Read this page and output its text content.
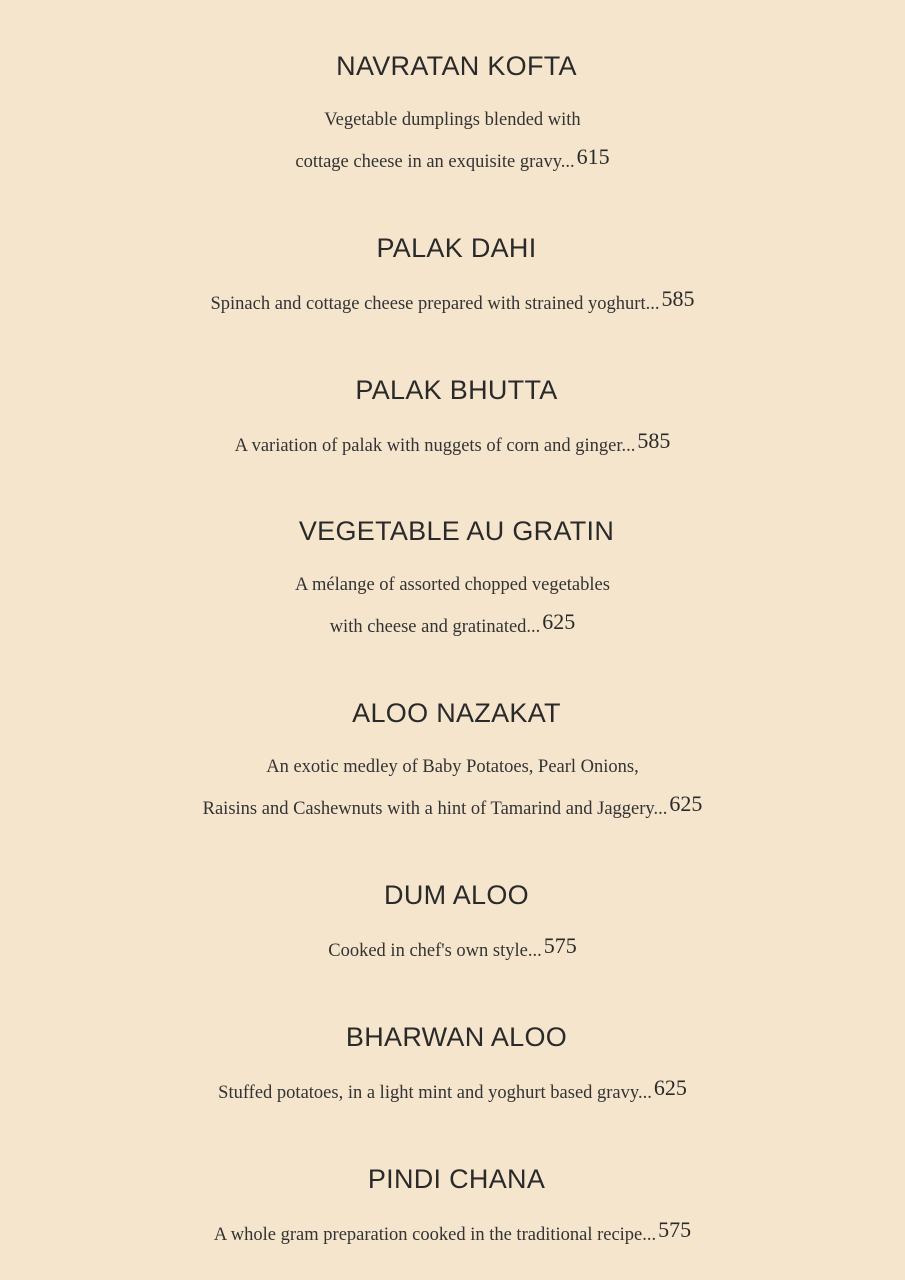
NAVRATAN KOFTA
Vegetable dumplings blended with
cottage cheese in an exquisite gravy...615
PALAK DAHI
Spinach and cottage cheese prepared with strained yoghurt...585
PALAK BHUTTA
A variation of palak with nuggets of corn and ginger...585
VEGETABLE AU GRATIN
A mélange of assorted chopped vegetables
with cheese and gratinated...625
ALOO NAZAKAT
An exotic medley of Baby Potatoes, Pearl Onions,
Raisins and Cashewnuts with a hint of Tamarind and Jaggery...625
DUM ALOO
Cooked in chef's own style...575
BHARWAN ALOO
Stuffed potatoes, in a light mint and yoghurt based gravy...625
PINDI CHANA
A whole gram preparation cooked in the traditional recipe...575
